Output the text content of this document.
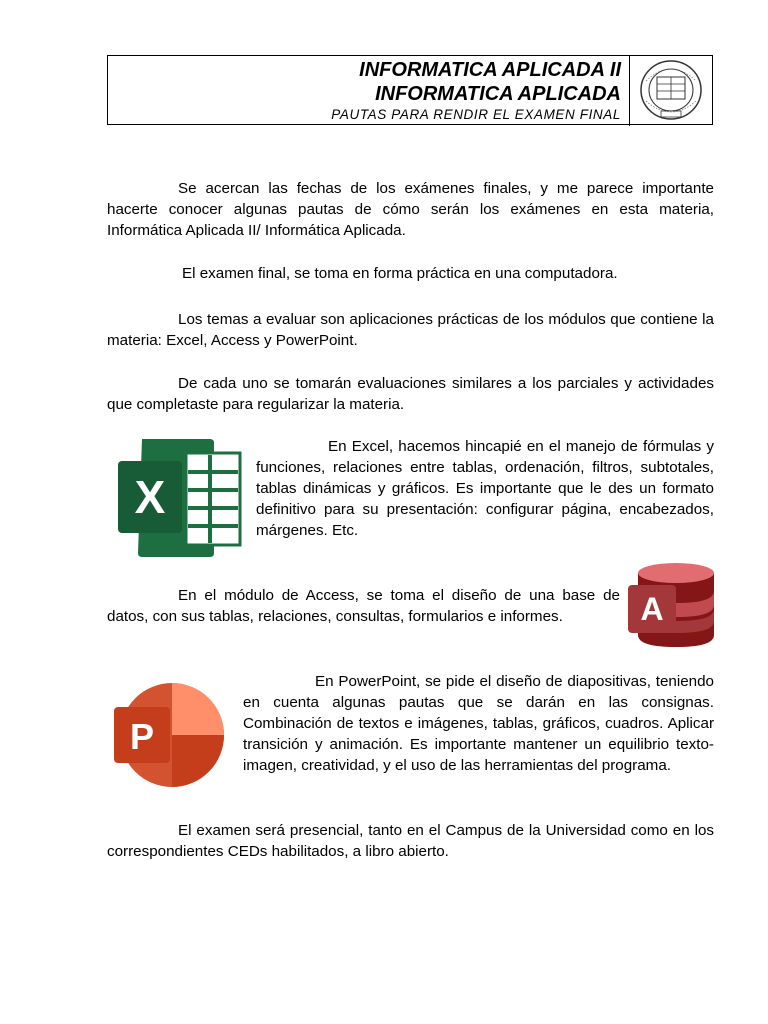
INFORMATICA APLICADA II
INFORMATICA APLICADA
PAUTAS PARA RENDIR EL EXAMEN FINAL
Se acercan las fechas de los exámenes finales, y me parece importante hacerte conocer algunas pautas de cómo serán los exámenes en esta materia, Informática Aplicada II/ Informática Aplicada.
El examen final, se toma en forma práctica en una computadora.
Los temas a evaluar son aplicaciones prácticas de los módulos que contiene la materia: Excel, Access y PowerPoint.
De cada uno se tomarán evaluaciones similares a los parciales y actividades que completaste para regularizar la materia.
X
En Excel, hacemos hincapié en el manejo de fórmulas y funciones, relaciones entre tablas, ordenación, filtros, subtotales, tablas dinámicas y gráficos. Es importante que le des un formato definitivo para su presentación: configurar página, encabezados, márgenes. Etc.
En el módulo de Access, se toma el diseño de una base de datos, con sus tablas, relaciones, consultas, formularios e informes.	A
P
En PowerPoint, se pide el diseño de diapositivas, teniendo en cuenta algunas pautas que se darán en las consignas. Combinación de textos e imágenes, tablas, gráficos, cuadros. Aplicar transición y animación. Es importante mantener un equilibrio texto-imagen, creatividad, y el uso de las herramientas del programa.
El examen será presencial, tanto en el Campus de la Universidad como en los correspondientes CEDs habilitados, a libro abierto.
